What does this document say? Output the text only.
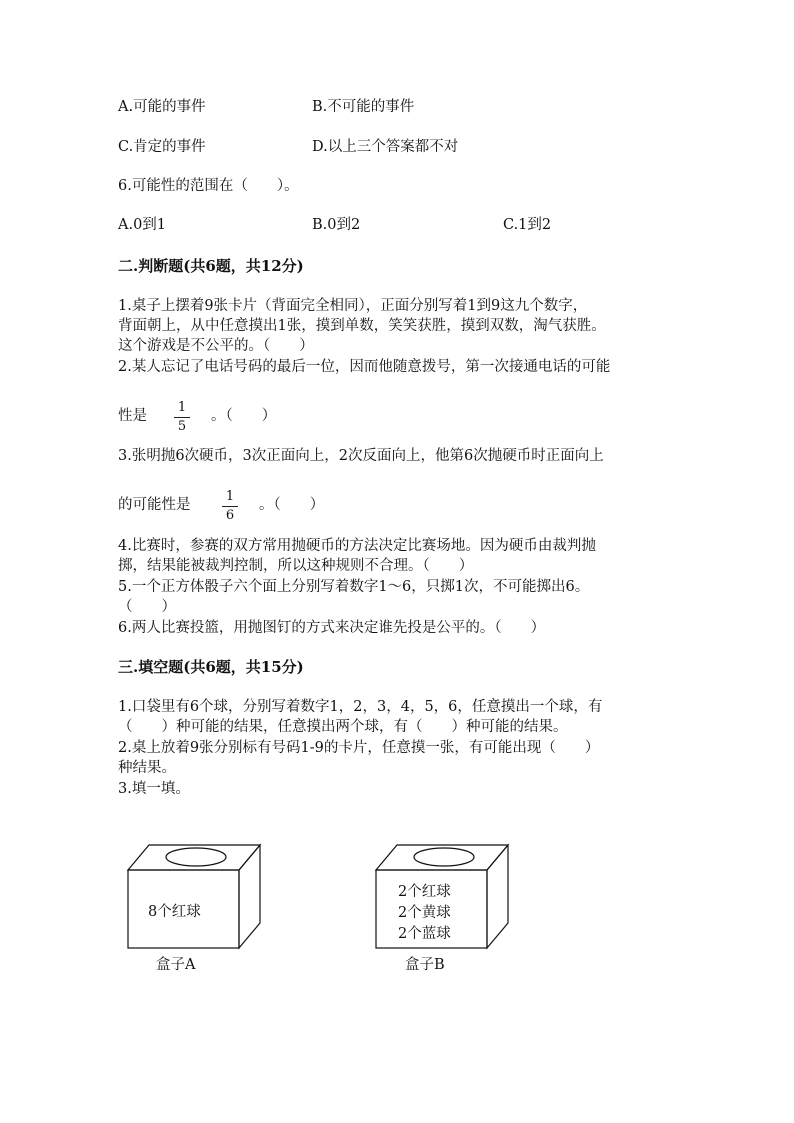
A.可能的事件	B.不可能的事件
C.肯定的事件	D.以上三个答案都不对
6.可能性的范围在（　　）。
A.0到1	B.0到2	C.1到2
二.判断题(共6题，共12分)
1.桌子上摆着9张卡片（背面完全相同），正面分别写着1到9这九个数字，
背面朝上，从中任意摸出1张，摸到单数，笑笑获胜，摸到双数，淘气获胜。
这个游戏是不公平的。（　　）
2.某人忘记了电话号码的最后一位，因而他随意拨号，第一次接通电话的可能
性是
1
5
。（　　）
3.张明抛6次硬币，3次正面向上，2次反面向上，他第6次抛硬币时正面向上
的可能性是
1
6
。（　　）
4.比赛时，参赛的双方常用抛硬币的方法决定比赛场地。因为硬币由裁判抛
掷，结果能被裁判控制，所以这种规则不合理。（　　）
5.一个正方体骰子六个面上分别写着数字1～6，只掷1次，不可能掷出6。
（　　）
6.两人比赛投篮，用抛图钉的方式来决定谁先投是公平的。（　　）
三.填空题(共6题，共15分)
1.口袋里有6个球，分别写着数字1，2，3，4，5，6，任意摸出一个球，有
（　　）种可能的结果，任意摸出两个球，有（　　）种可能的结果。
2.桌上放着9张分别标有号码1-9的卡片，任意摸一张，有可能出现（　　）
种结果。
3.填一填。
8个红球
盒子A
2个红球
2个黄球
2个蓝球
盒子B
